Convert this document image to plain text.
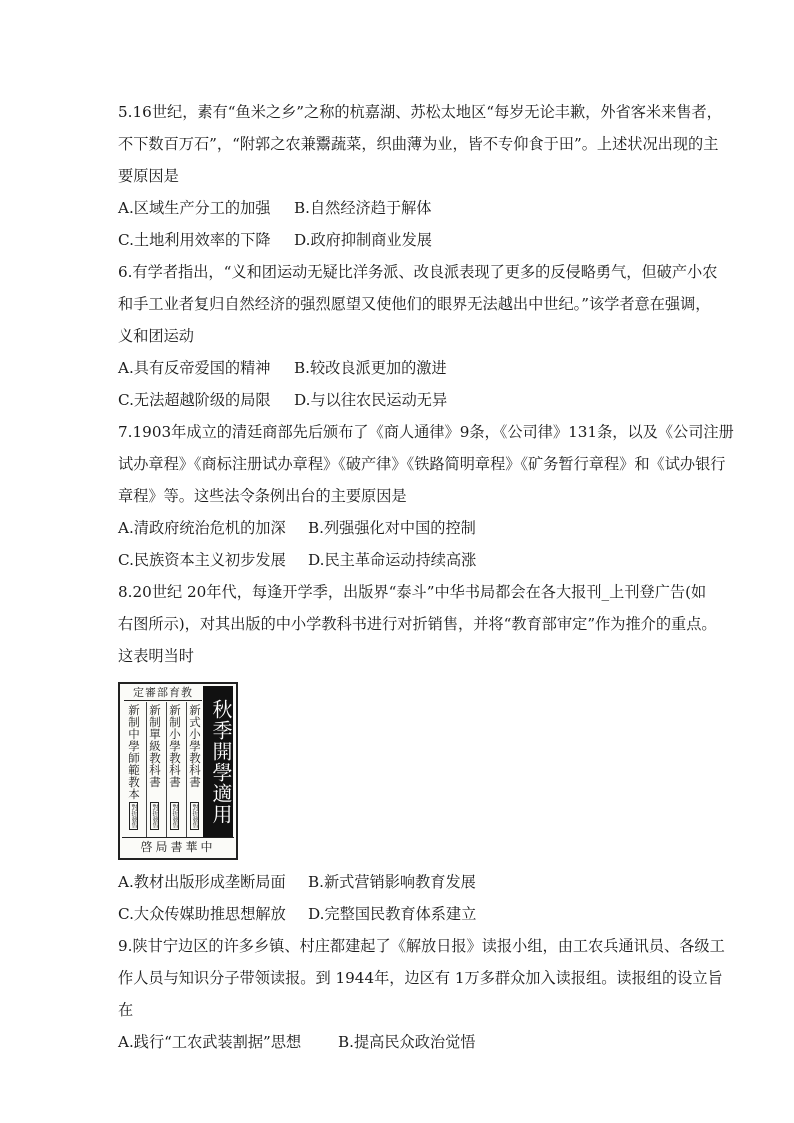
5.16世纪，素有“鱼米之乡”之称的杭嘉湖、苏松太地区“每岁无论丰歉，外省客米来售者，
不下数百万石”，“附郭之农兼鬻蔬菜，织曲薄为业，皆不专仰食于田”。上述状况出现的主
要原因是
A.区域生产分工的加强	B.自然经济趋于解体
C.土地利用效率的下降	D.政府抑制商业发展
6.有学者指出，“义和团运动无疑比洋务派、改良派表现了更多的反侵略勇气，但破产小农
和手工业者复归自然经济的强烈愿望又使他们的眼界无法越出中世纪。”该学者意在强调，
义和团运动
A.具有反帝爱国的精神	B.较改良派更加的激进
C.无法超越阶级的局限	D.与以往农民运动无异
7.1903年成立的清廷商部先后颁布了《商人通律》9条，《公司律》131条，以及《公司注册
试办章程》《商标注册试办章程》《破产律》《铁路简明章程》《矿务暂行章程》和《试办银行
章程》等。这些法令条例出台的主要原因是
A.清政府统治危机的加深	B.列强强化对中国的控制
C.民族资本主义初步发展	D.民主革命运动持续高涨
8.20世纪 20年代，每逢开学季，出版界“泰斗”中华书局都会在各大报刊_上刊登广告(如
右图所示)，对其出版的中小学教科书进行对折销售，并将“教育部审定”作为推介的重点。
这表明当时
定審部育教
秋季開學適用
新式小學教科書
新制小學教科書
新制單級教科書
新制中學師範教本
對折發售
對折發售
對折發售
對折發售
啓局書華中
A.教材出版形成垄断局面	B.新式营销影响教育发展
C.大众传媒助推思想解放	D.完整国民教育体系建立
9.陕甘宁边区的许多乡镇、村庄都建起了《解放日报》读报小组，由工农兵通讯员、各级工
作人员与知识分子带领读报。到 1944年，边区有 1万多群众加入读报组。读报组的设立旨
在
A.践行“工农武装割据”思想	B.提高民众政治觉悟
